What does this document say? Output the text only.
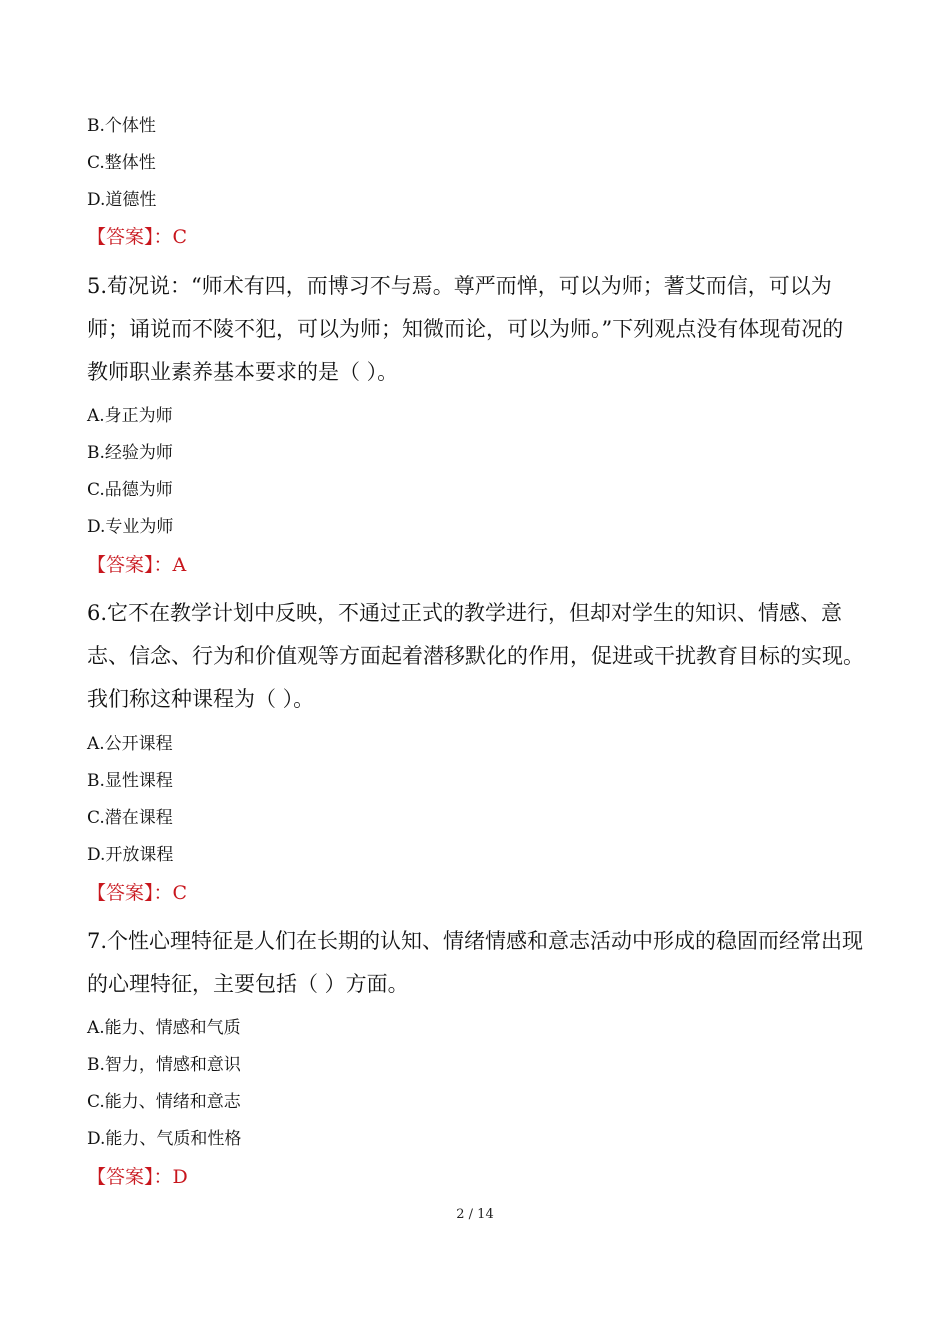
B.个体性
C.整体性
D.道德性
【答案】：C
5.荀况说：“师术有四，而博习不与焉。尊严而惮，可以为师；蓍艾而信，可以为师；诵说而不陵不犯，可以为师；知微而论，可以为师。”下列观点没有体现荀况的教师职业素养基本要求的是（ ）。
A.身正为师
B.经验为师
C.品德为师
D.专业为师
【答案】：A
6.它不在教学计划中反映，不通过正式的教学进行，但却对学生的知识、情感、意志、信念、行为和价值观等方面起着潜移默化的作用，促进或干扰教育目标的实现。我们称这种课程为（ ）。
A.公开课程
B.显性课程
C.潜在课程
D.开放课程
【答案】：C
7.个性心理特征是人们在长期的认知、情绪情感和意志活动中形成的稳固而经常出现的心理特征，主要包括（ ）方面。
A.能力、情感和气质
B.智力，情感和意识
C.能力、情绪和意志
D.能力、气质和性格
【答案】：D
2 / 14
